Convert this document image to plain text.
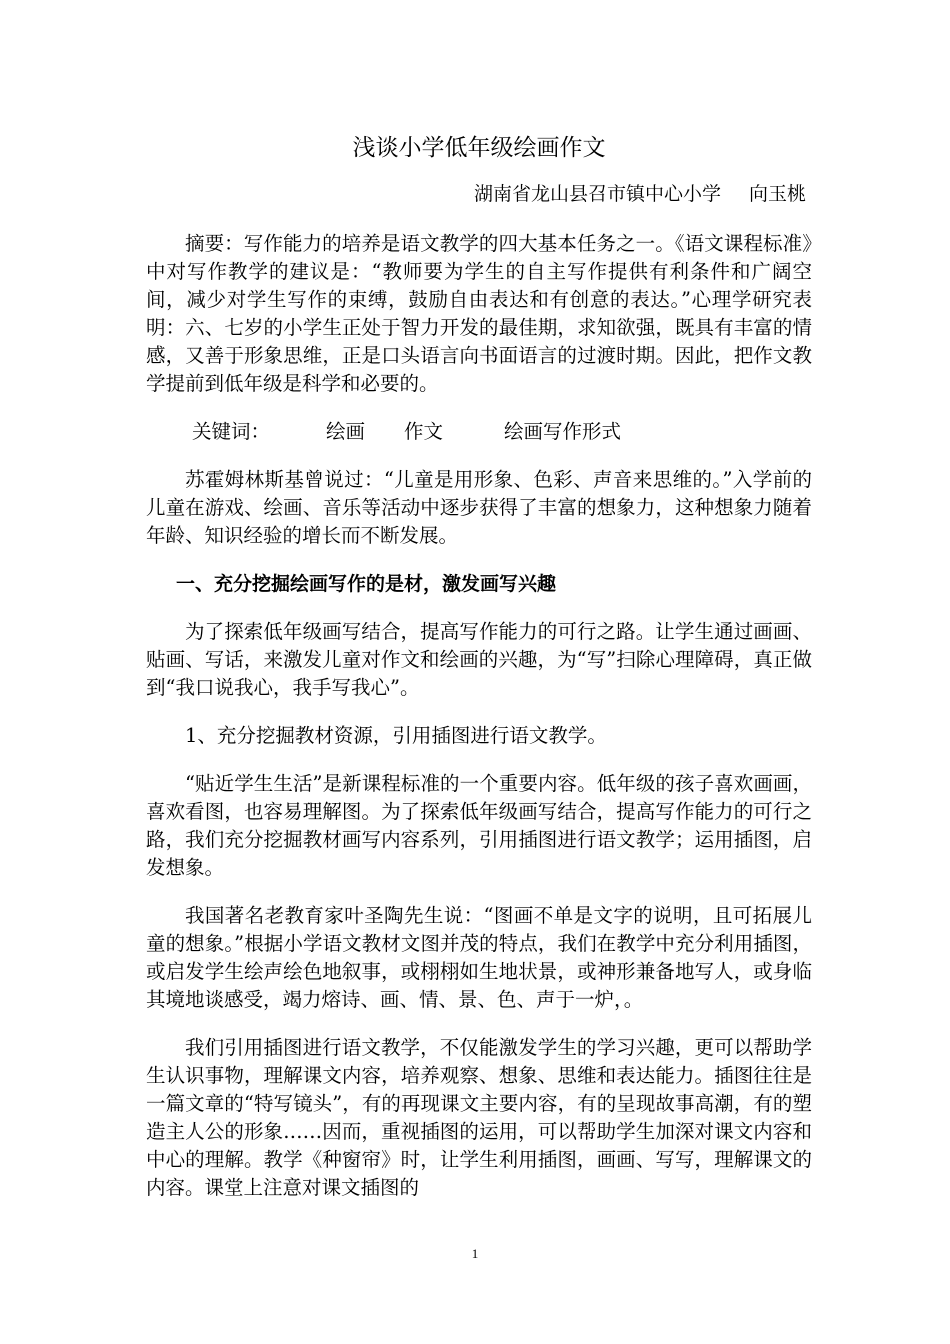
浅谈小学低年级绘画作文
湖南省龙山县召市镇中心小学 向玉桃

摘要：写作能力的培养是语文教学的四大基本任务之一。《语文课程标准》中对写作教学的建议是：“教师要为学生的自主写作提供有利条件和广阔空间，减少对学生写作的束缚，鼓励自由表达和有创意的表达。”心理学研究表明：六、七岁的小学生正处于智力开发的最佳期，求知欲强，既具有丰富的情感，又善于形象思维，正是口头语言向书面语言的过渡时期。因此，把作文教学提前到低年级是科学和必要的。

关键词：	绘画 作文	绘画写作形式

苏霍姆林斯基曾说过：“儿童是用形象、色彩、声音来思维的。”入学前的儿童在游戏、绘画、音乐等活动中逐步获得了丰富的想象力，这种想象力随着年龄、知识经验的增长而不断发展。

一、充分挖掘绘画写作的是材，激发画写兴趣

为了探索低年级画写结合，提高写作能力的可行之路。让学生通过画画、贴画、写话，来激发儿童对作文和绘画的兴趣，为“写”扫除心理障碍，真正做到“我口说我心，我手写我心”。

1、充分挖掘教材资源，引用插图进行语文教学。

“贴近学生生活”是新课程标准的一个重要内容。低年级的孩子喜欢画画，喜欢看图，也容易理解图。为了探索低年级画写结合，提高写作能力的可行之路，我们充分挖掘教材画写内容系列，引用插图进行语文教学；运用插图，启发想象。

我国著名老教育家叶圣陶先生说：“图画不单是文字的说明，且可拓展儿童的想象。”根据小学语文教材文图并茂的特点，我们在教学中充分利用插图，或启发学生绘声绘色地叙事，或栩栩如生地状景，或神形兼备地写人，或身临其境地谈感受，竭力熔诗、画、情、景、色、声于一炉，。

我们引用插图进行语文教学，不仅能激发学生的学习兴趣，更可以帮助学生认识事物，理解课文内容，培养观察、想象、思维和表达能力。插图往往是一篇文章的“特写镜头”，有的再现课文主要内容，有的呈现故事高潮，有的塑造主人公的形象……因而，重视插图的运用，可以帮助学生加深对课文内容和中心的理解。教学《种窗帘》时，让学生利用插图，画画、写写，理解课文的内容。课堂上注意对课文插图的

1
